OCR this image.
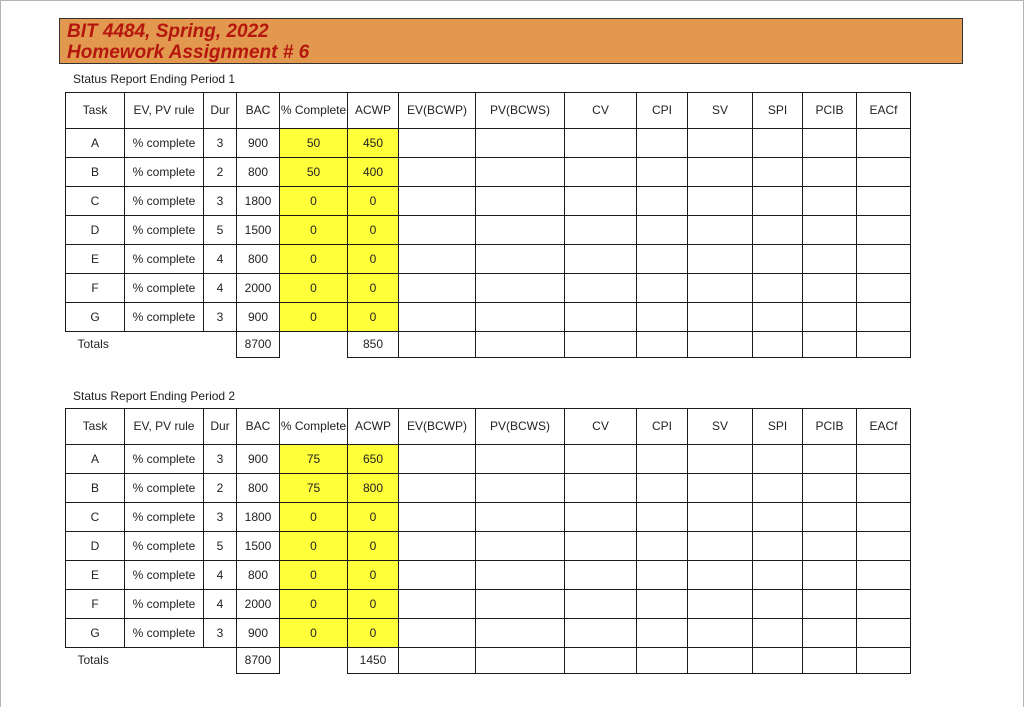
BIT 4484, Spring, 2022
Homework Assignment # 6
Status Report Ending Period 1
Task	EV, PV rule	Dur	BAC	% Complete	ACWP	EV(BCWP)	PV(BCWS)	CV	CPI	SV	SPI	PCIB	EACf
A	% complete	3	900	50	450								
B	% complete	2	800	50	400								
C	% complete	3	1800	0	0								
D	% complete	5	1500	0	0								
E	% complete	4	800	0	0								
F	% complete	4	2000	0	0								
G	% complete	3	900	0	0								
Totals			8700		850								
Status Report Ending Period 2
Task	EV, PV rule	Dur	BAC	% Complete	ACWP	EV(BCWP)	PV(BCWS)	CV	CPI	SV	SPI	PCIB	EACf
A	% complete	3	900	75	650								
B	% complete	2	800	75	800								
C	% complete	3	1800	0	0								
D	% complete	5	1500	0	0								
E	% complete	4	800	0	0								
F	% complete	4	2000	0	0								
G	% complete	3	900	0	0								
Totals			8700		1450								
